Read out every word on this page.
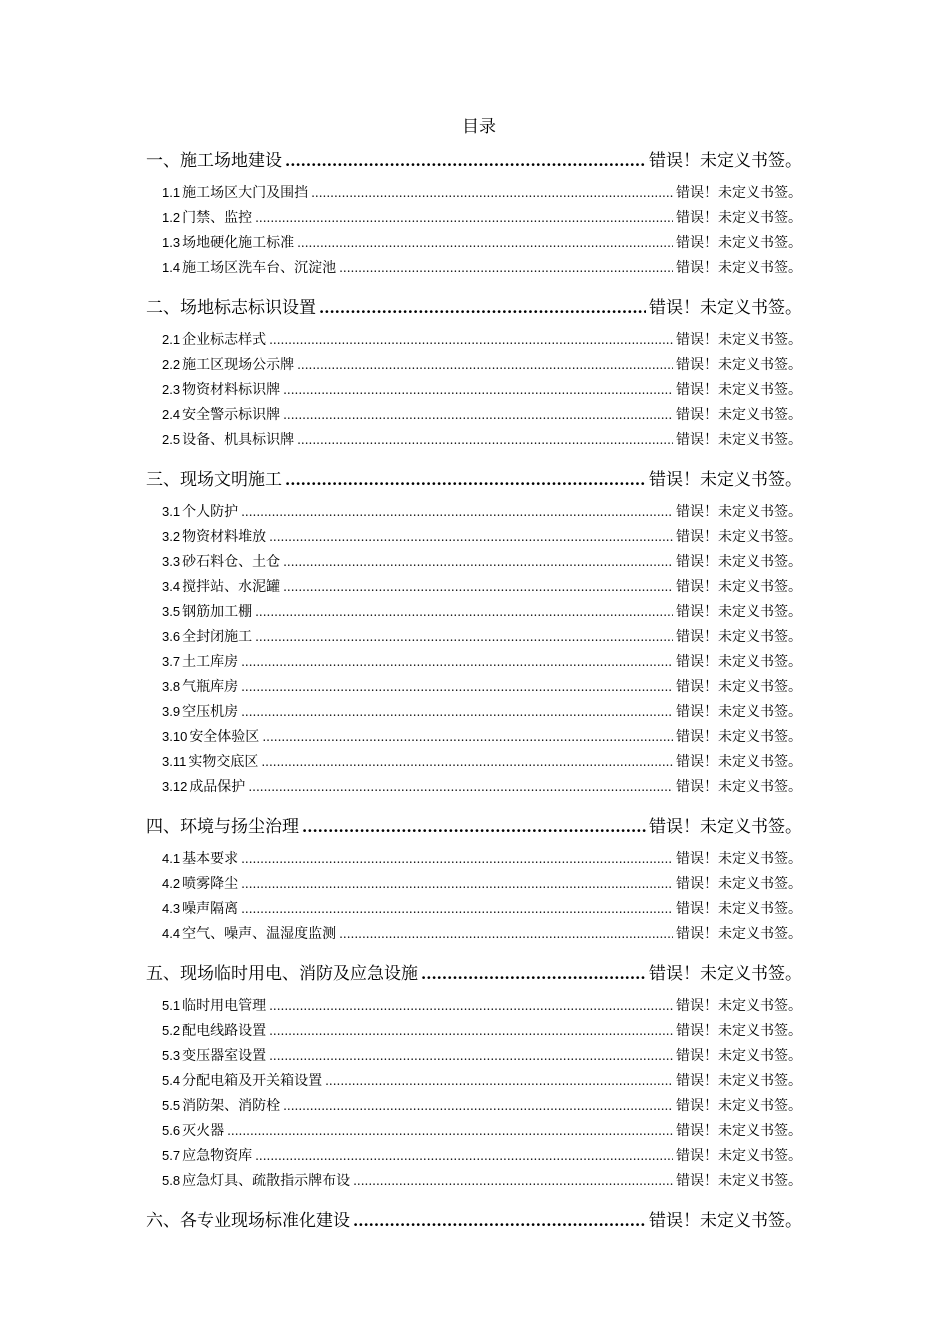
目录
一、施工场地建设 .....	错误！未定义书签。
1.1 施工场区大门及围挡 .....	错误！未定义书签。
1.2 门禁、监控 .....	错误！未定义书签。
1.3 场地硬化施工标准 .....	错误！未定义书签。
1.4 施工场区洗车台、沉淀池 .....	错误！未定义书签。
二、场地标志标识设置 .....	错误！未定义书签。
2.1 企业标志样式 .....	错误！未定义书签。
2.2 施工区现场公示牌 .....	错误！未定义书签。
2.3 物资材料标识牌 .....	错误！未定义书签。
2.4 安全警示标识牌 .....	错误！未定义书签。
2.5 设备、机具标识牌 .....	错误！未定义书签。
三、现场文明施工 .....	错误！未定义书签。
3.1 个人防护 .....	错误！未定义书签。
3.2 物资材料堆放 .....	错误！未定义书签。
3.3 砂石料仓、土仓 .....	错误！未定义书签。
3.4 搅拌站、水泥罐 .....	错误！未定义书签。
3.5 钢筋加工棚 .....	错误！未定义书签。
3.6 全封闭施工 .....	错误！未定义书签。
3.7 土工库房 .....	错误！未定义书签。
3.8 气瓶库房 .....	错误！未定义书签。
3.9 空压机房 .....	错误！未定义书签。
3.10 安全体验区 .....	错误！未定义书签。
3.11 实物交底区 .....	错误！未定义书签。
3.12 成品保护 .....	错误！未定义书签。
四、环境与扬尘治理 .....	错误！未定义书签。
4.1 基本要求 .....	错误！未定义书签。
4.2 喷雾降尘 .....	错误！未定义书签。
4.3 噪声隔离 .....	错误！未定义书签。
4.4 空气、噪声、温湿度监测 .....	错误！未定义书签。
五、现场临时用电、消防及应急设施 .....	错误！未定义书签。
5.1 临时用电管理 .....	错误！未定义书签。
5.2 配电线路设置 .....	错误！未定义书签。
5.3 变压器室设置 .....	错误！未定义书签。
5.4 分配电箱及开关箱设置 .....	错误！未定义书签。
5.5 消防架、消防栓 .....	错误！未定义书签。
5.6 灭火器 .....	错误！未定义书签。
5.7 应急物资库 .....	错误！未定义书签。
5.8 应急灯具、疏散指示牌布设 .....	错误！未定义书签。
六、各专业现场标准化建设 .....	错误！未定义书签。
